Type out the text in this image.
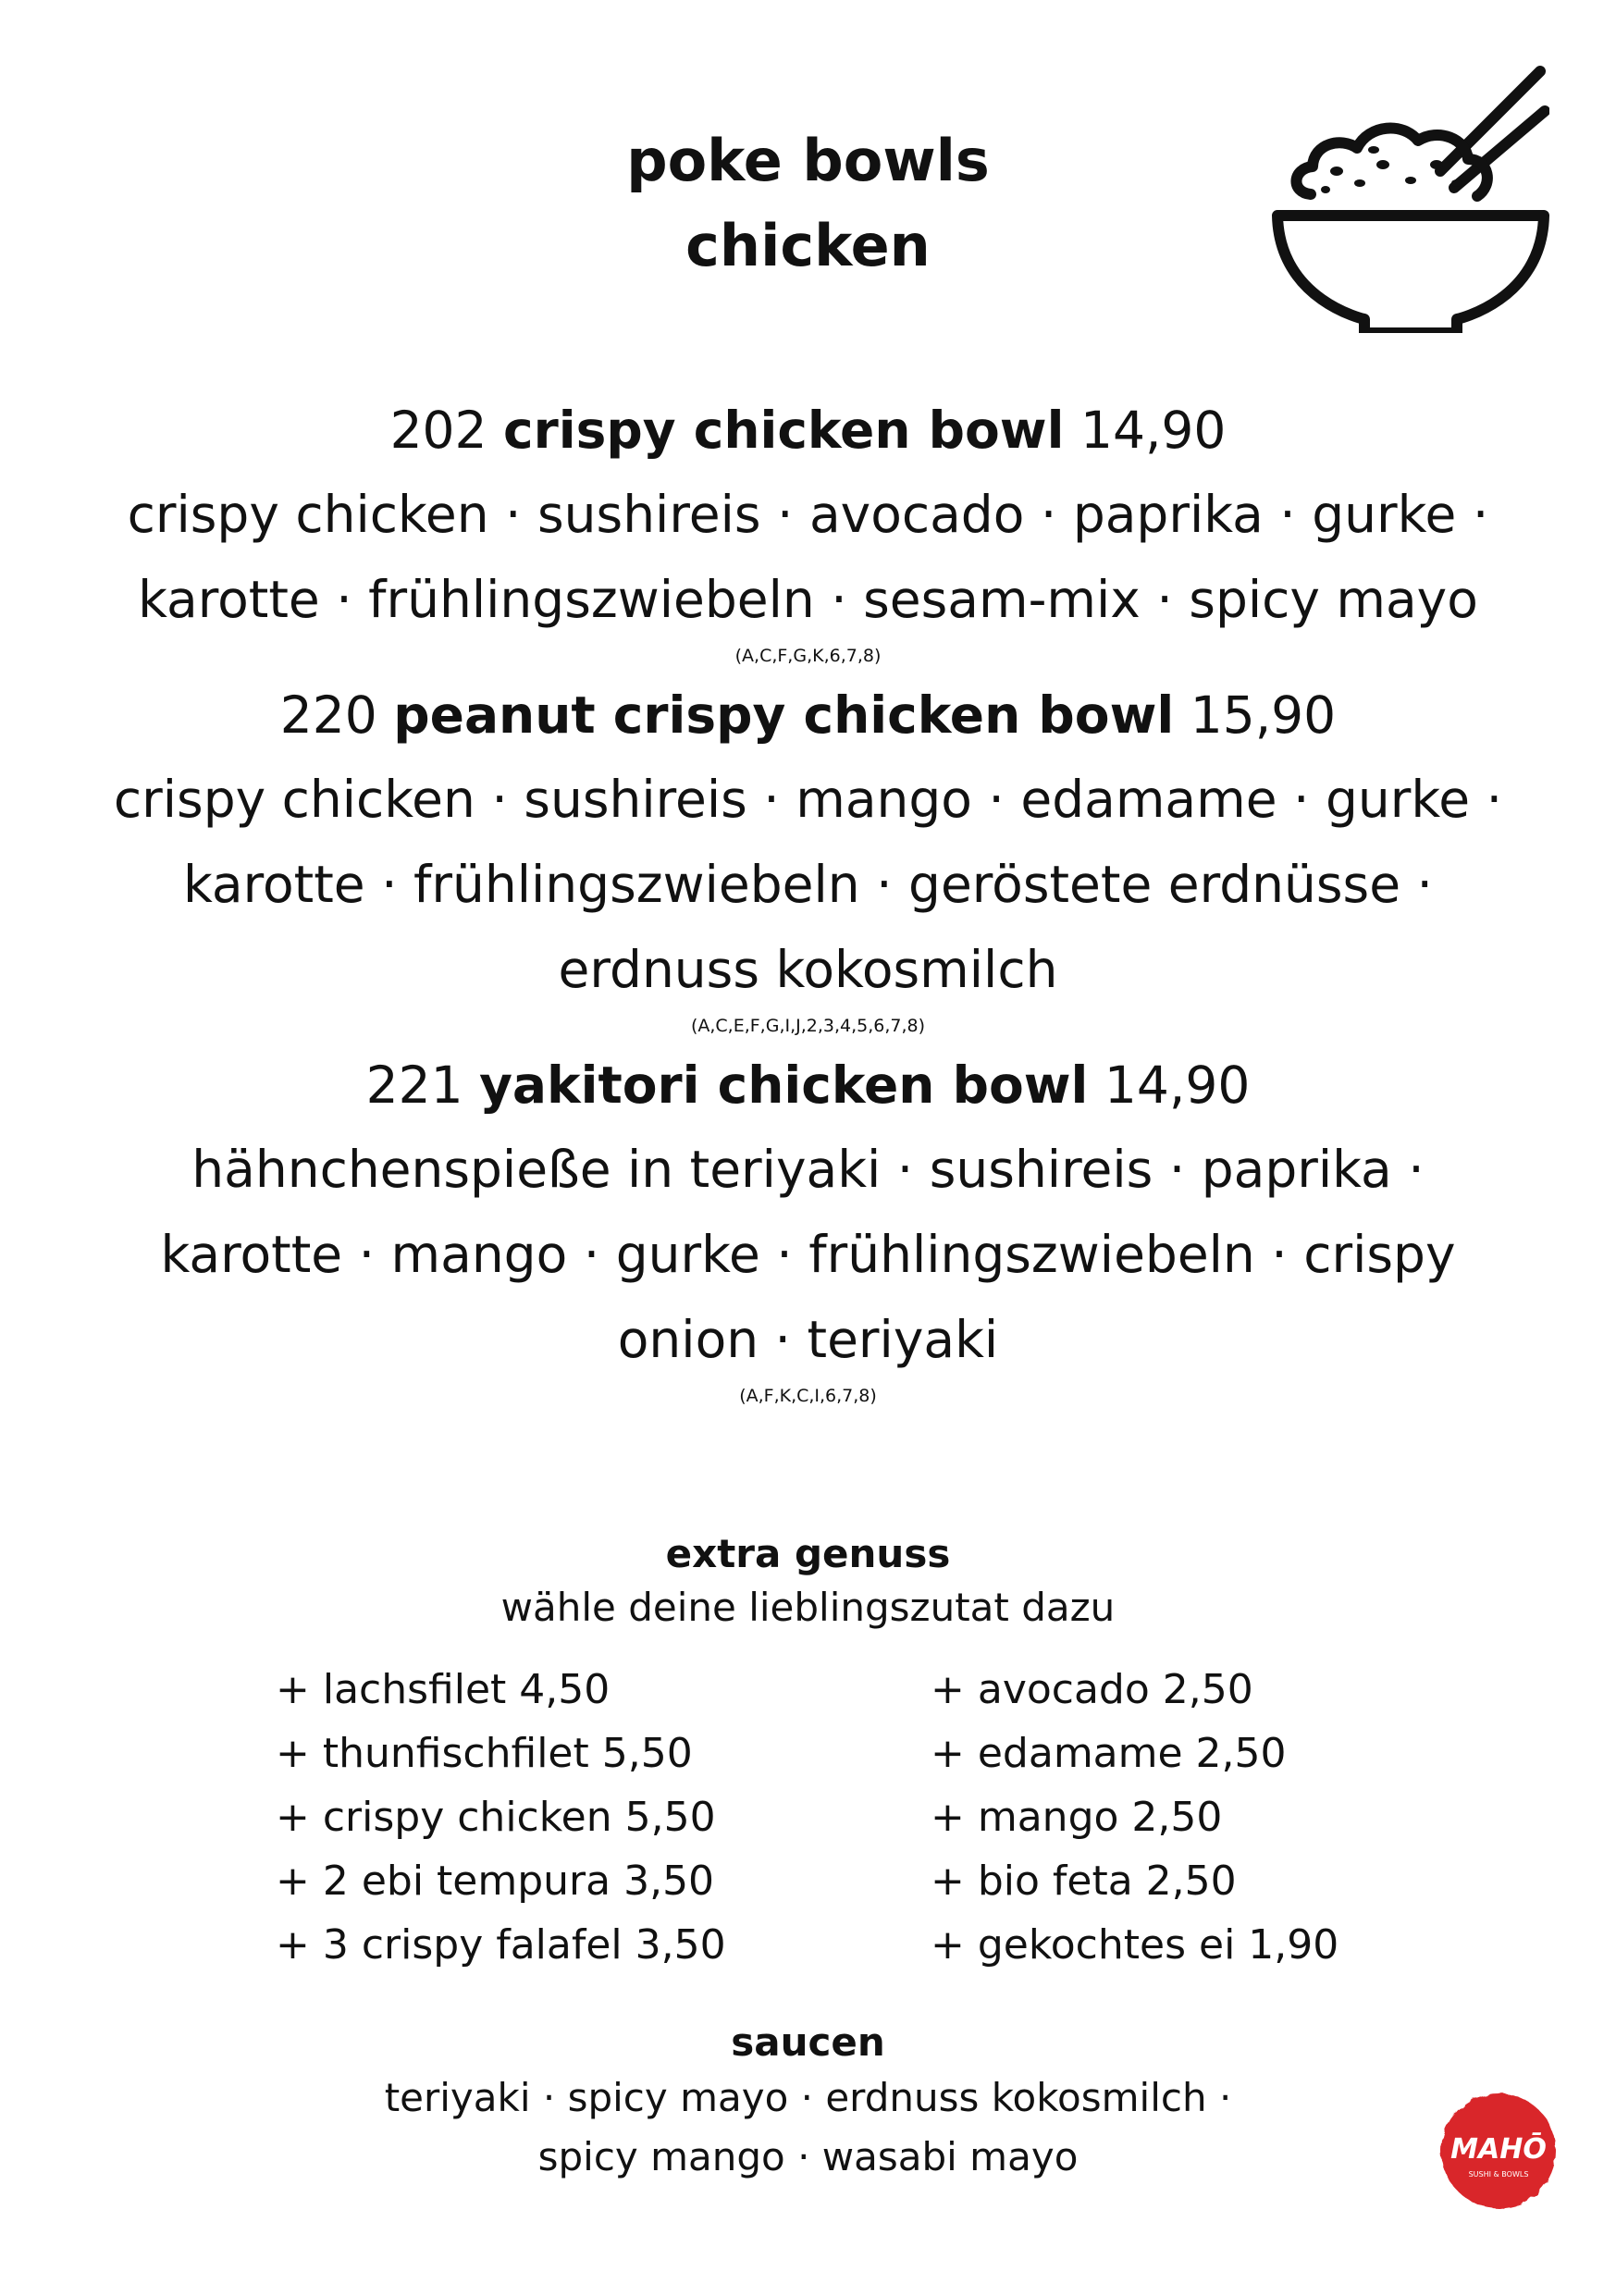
poke bowls
chicken
202 crispy chicken bowl 14,90
crispy chicken · sushireis · avocado · paprika · gurke ·
karotte · frühlingszwiebeln · sesam-mix · spicy mayo
(A,C,F,G,K,6,7,8)
220 peanut crispy chicken bowl 15,90
crispy chicken · sushireis · mango · edamame · gurke ·
karotte · frühlingszwiebeln · geröstete erdnüsse ·
erdnuss kokosmilch
(A,C,E,F,G,I,J,2,3,4,5,6,7,8)
221 yakitori chicken bowl 14,90
hähnchenspieße in teriyaki · sushireis · paprika ·
karotte · mango · gurke · frühlingszwiebeln · crispy
onion · teriyaki
(A,F,K,C,I,6,7,8)
extra genuss
wähle deine lieblingszutat dazu
+ lachsfilet 4,50
+ thunfischfilet 5,50
+ crispy chicken 5,50
+ 2 ebi tempura 3,50
+ 3 crispy falafel 3,50
+ avocado 2,50
+ edamame 2,50
+ mango 2,50
+ bio feta 2,50
+ gekochtes ei 1,90
saucen
teriyaki · spicy mayo · erdnuss kokosmilch ·
spicy mango · wasabi mayo	MAHŌ
SUSHI & BOWLS
